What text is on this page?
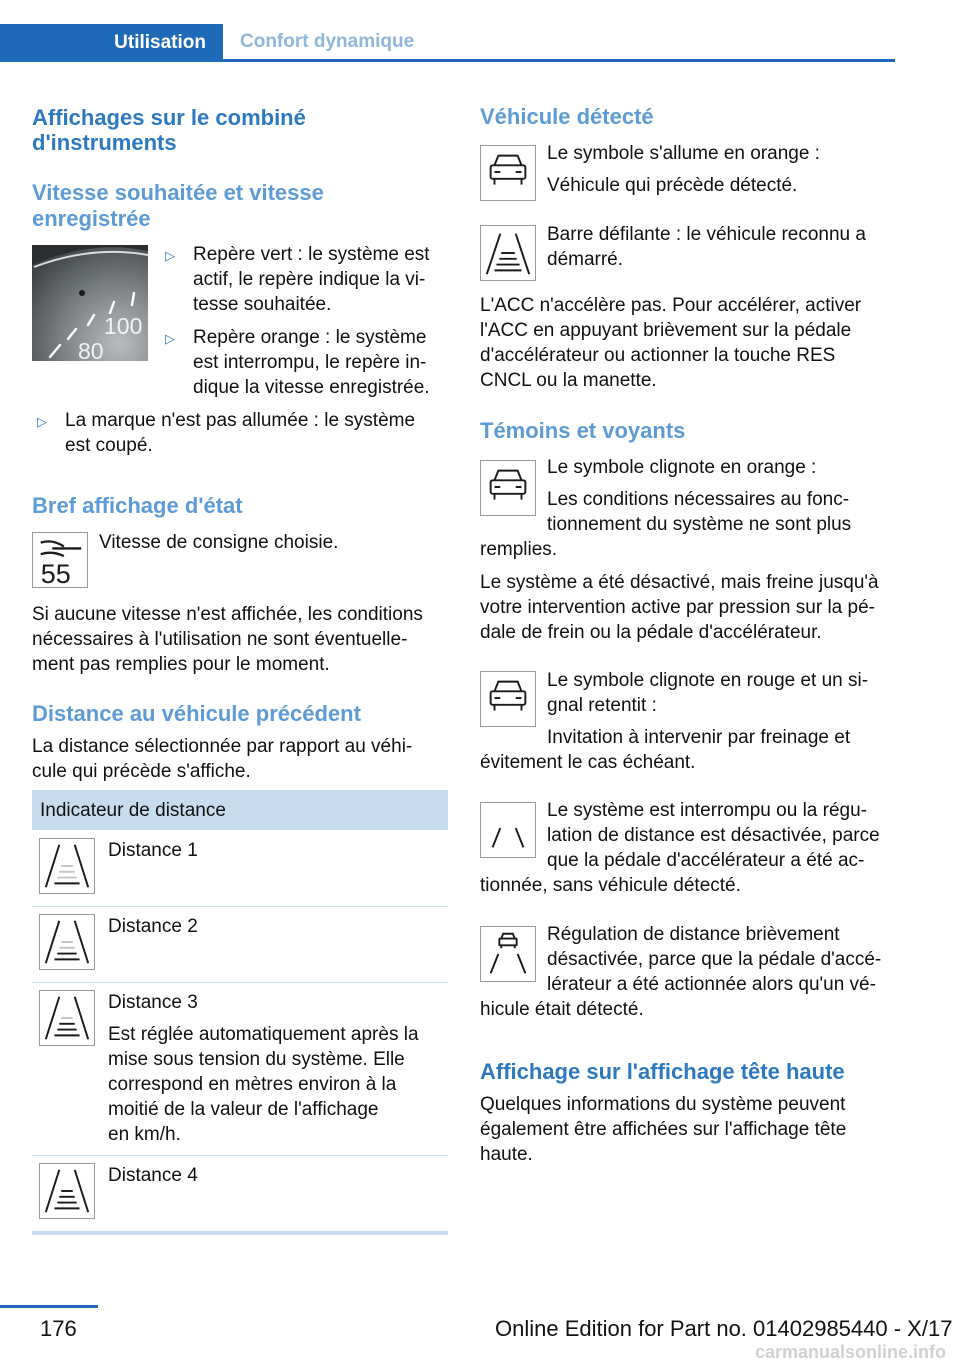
Utilisation Confort dynamique
Affichages sur le combiné
d'instruments
Vitesse souhaitée et vitesse
enregistrée
100
80
▷ Repère vert : le système est
actif, le repère indique la vi‐
tesse souhaitée.
▷ Repère orange : le système
est interrompu, le repère in‐
dique la vitesse enregistrée.
▷ La marque n'est pas allumée : le système
est coupé.
Bref affichage d'état
55
Vitesse de consigne choisie.
Si aucune vitesse n'est affichée, les conditions
nécessaires à l'utilisation ne sont éventuelle‐
ment pas remplies pour le moment.
Distance au véhicule précédent
La distance sélectionnée par rapport au véhi‐
cule qui précède s'affiche.
Indicateur de distance
Distance 1
Distance 2
Distance 3
Est réglée automatiquement après la
mise sous tension du système. Elle
correspond en mètres environ à la
moitié de la valeur de l'affichage
en km/h.
Distance 4
Véhicule détecté
Le symbole s'allume en orange :
Véhicule qui précède détecté.
Barre défilante : le véhicule reconnu a
démarré.
L'ACC n'accélère pas. Pour accélérer, activer
l'ACC en appuyant brièvement sur la pédale
d'accélérateur ou actionner la touche RES
CNCL ou la manette.
Témoins et voyants
Le symbole clignote en orange :
Les conditions nécessaires au fonc‐
tionnement du système ne sont plus
remplies.
Le système a été désactivé, mais freine jusqu'à
votre intervention active par pression sur la pé‐
dale de frein ou la pédale d'accélérateur.
Le symbole clignote en rouge et un si‐
gnal retentit :
Invitation à intervenir par freinage et
évitement le cas échéant.
Le système est interrompu ou la régu‐
lation de distance est désactivée, parce
que la pédale d'accélérateur a été ac‐
tionnée, sans véhicule détecté.
Régulation de distance brièvement
désactivée, parce que la pédale d'accé‐
lérateur a été actionnée alors qu'un vé‐
hicule était détecté.
Affichage sur l'affichage tête haute
Quelques informations du système peuvent
également être affichées sur l'affichage tête
haute.
176	Online Edition for Part no. 01402985440 - X/17
carmanualsonline.info
